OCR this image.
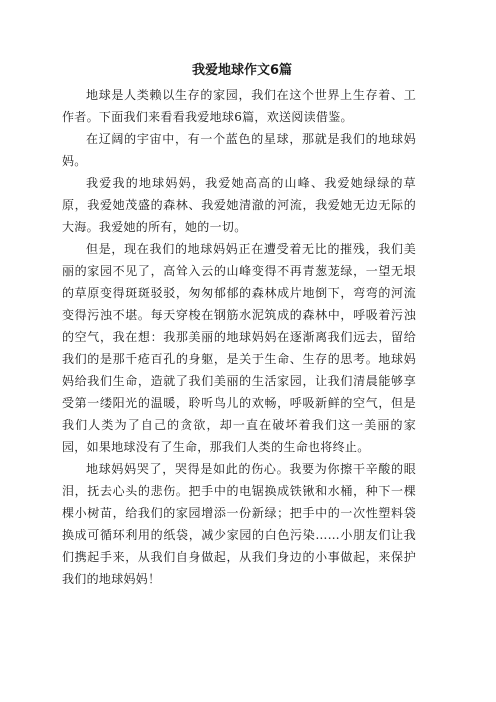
我爱地球作文6篇

地球是人类赖以生存的家园，我们在这个世界上生存着、工作者。下面我们来看看我爱地球6篇，欢送阅读借鉴。

在辽阔的宇宙中，有一个蓝色的星球，那就是我们的地球妈妈。

我爱我的地球妈妈，我爱她高高的山峰、我爱她绿绿的草原，我爱她茂盛的森林、我爱她清澈的河流，我爱她无边无际的大海。我爱她的所有，她的一切。

但是，现在我们的地球妈妈正在遭受着无比的摧残，我们美丽的家园不见了，高耸入云的山峰变得不再青葱茏绿，一望无垠的草原变得斑斑驳驳，匆匆郁郁的森林成片地倒下，弯弯的河流变得污浊不堪。每天穿梭在钢筋水泥筑成的森林中，呼吸着污浊的空气，我在想：我那美丽的地球妈妈在逐渐离我们远去，留给我们的是那千疮百孔的身躯，是关于生命、生存的思考。地球妈妈给我们生命，造就了我们美丽的生活家园，让我们清晨能够享受第一缕阳光的温暖，聆听鸟儿的欢畅，呼吸新鲜的空气，但是我们人类为了自己的贪欲，却一直在破坏着我们这一美丽的家园，如果地球没有了生命，那我们人类的生命也将终止。

地球妈妈哭了，哭得是如此的伤心。我要为你擦干辛酸的眼泪，抚去心头的悲伤。把手中的电锯换成铁锹和水桶，种下一棵棵小树苗，给我们的家园增添一份新绿；把手中的一次性塑料袋换成可循环利用的纸袋，减少家园的白色污染……小朋友们让我们携起手来，从我们自身做起，从我们身边的小事做起，来保护我们的地球妈妈！
